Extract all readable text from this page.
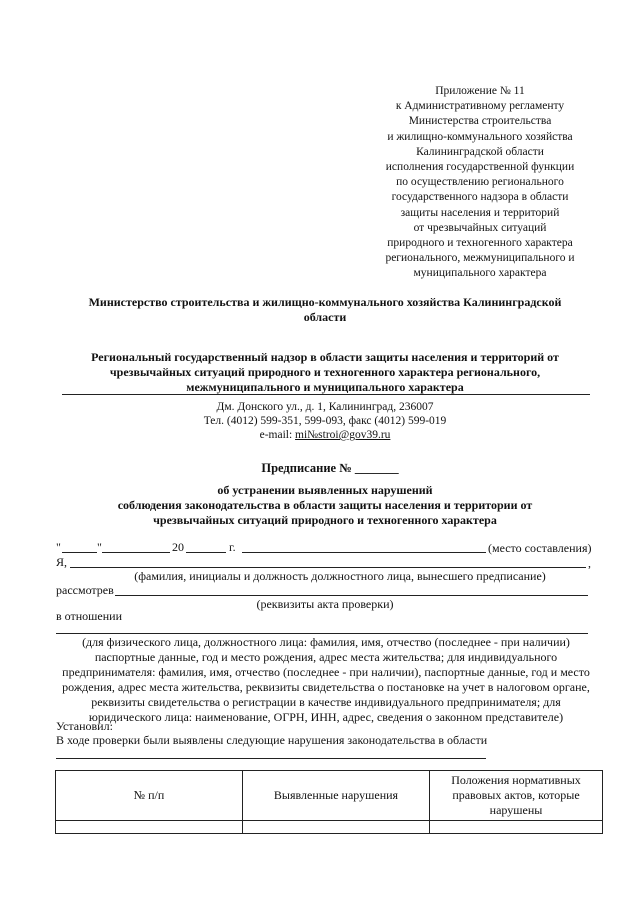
Приложение № 11
к Административному регламенту
Министерства строительства
и жилищно-коммунального хозяйства
Калининградской области
исполнения государственной функции
по осуществлению регионального
государственного надзора в области
защиты населения и территорий
от чрезвычайных ситуаций
природного и техногенного характера
регионального, межмуниципального и
муниципального характера
Министерство строительства и жилищно-коммунального хозяйства Калининградской
области
Региональный государственный надзор в области защиты населения и территорий от
чрезвычайных ситуаций природного и техногенного характера регионального,
межмуниципального и муниципального характера
Дм. Донского ул., д. 1, Калининград, 236007
Тел. (4012) 599-351, 599-093, факс (4012) 599-019
e-mail: mi№stroi@gov39.ru
Предписание № _______
об устранении выявленных нарушений
соблюдения законодательства в области защиты населения и территории от
чрезвычайных ситуаций природного и техногенного характера
"	"	20	г.	(место составления)
Я,	,
(фамилия, инициалы и должность должностного лица, вынесшего предписание)
рассмотрев
(реквизиты акта проверки)
в отношении
(для физического лица, должностного лица: фамилия, имя, отчество (последнее - при наличии)
паспортные данные, год и место рождения, адрес места жительства; для индивидуального
предпринимателя: фамилия, имя, отчество (последнее - при наличии), паспортные данные, год и место
рождения, адрес места жительства, реквизиты свидетельства о постановке на учет в налоговом органе,
реквизиты свидетельства о регистрации в качестве индивидуального предпринимателя; для
юридического лица: наименование, ОГРН, ИНН, адрес, сведения о законном представителе)
Установил:
В ходе проверки были выявлены следующие нарушения законодательства в области
№ п/п	Выявленные нарушения	Положения нормативных
правовых актов, которые
нарушены
